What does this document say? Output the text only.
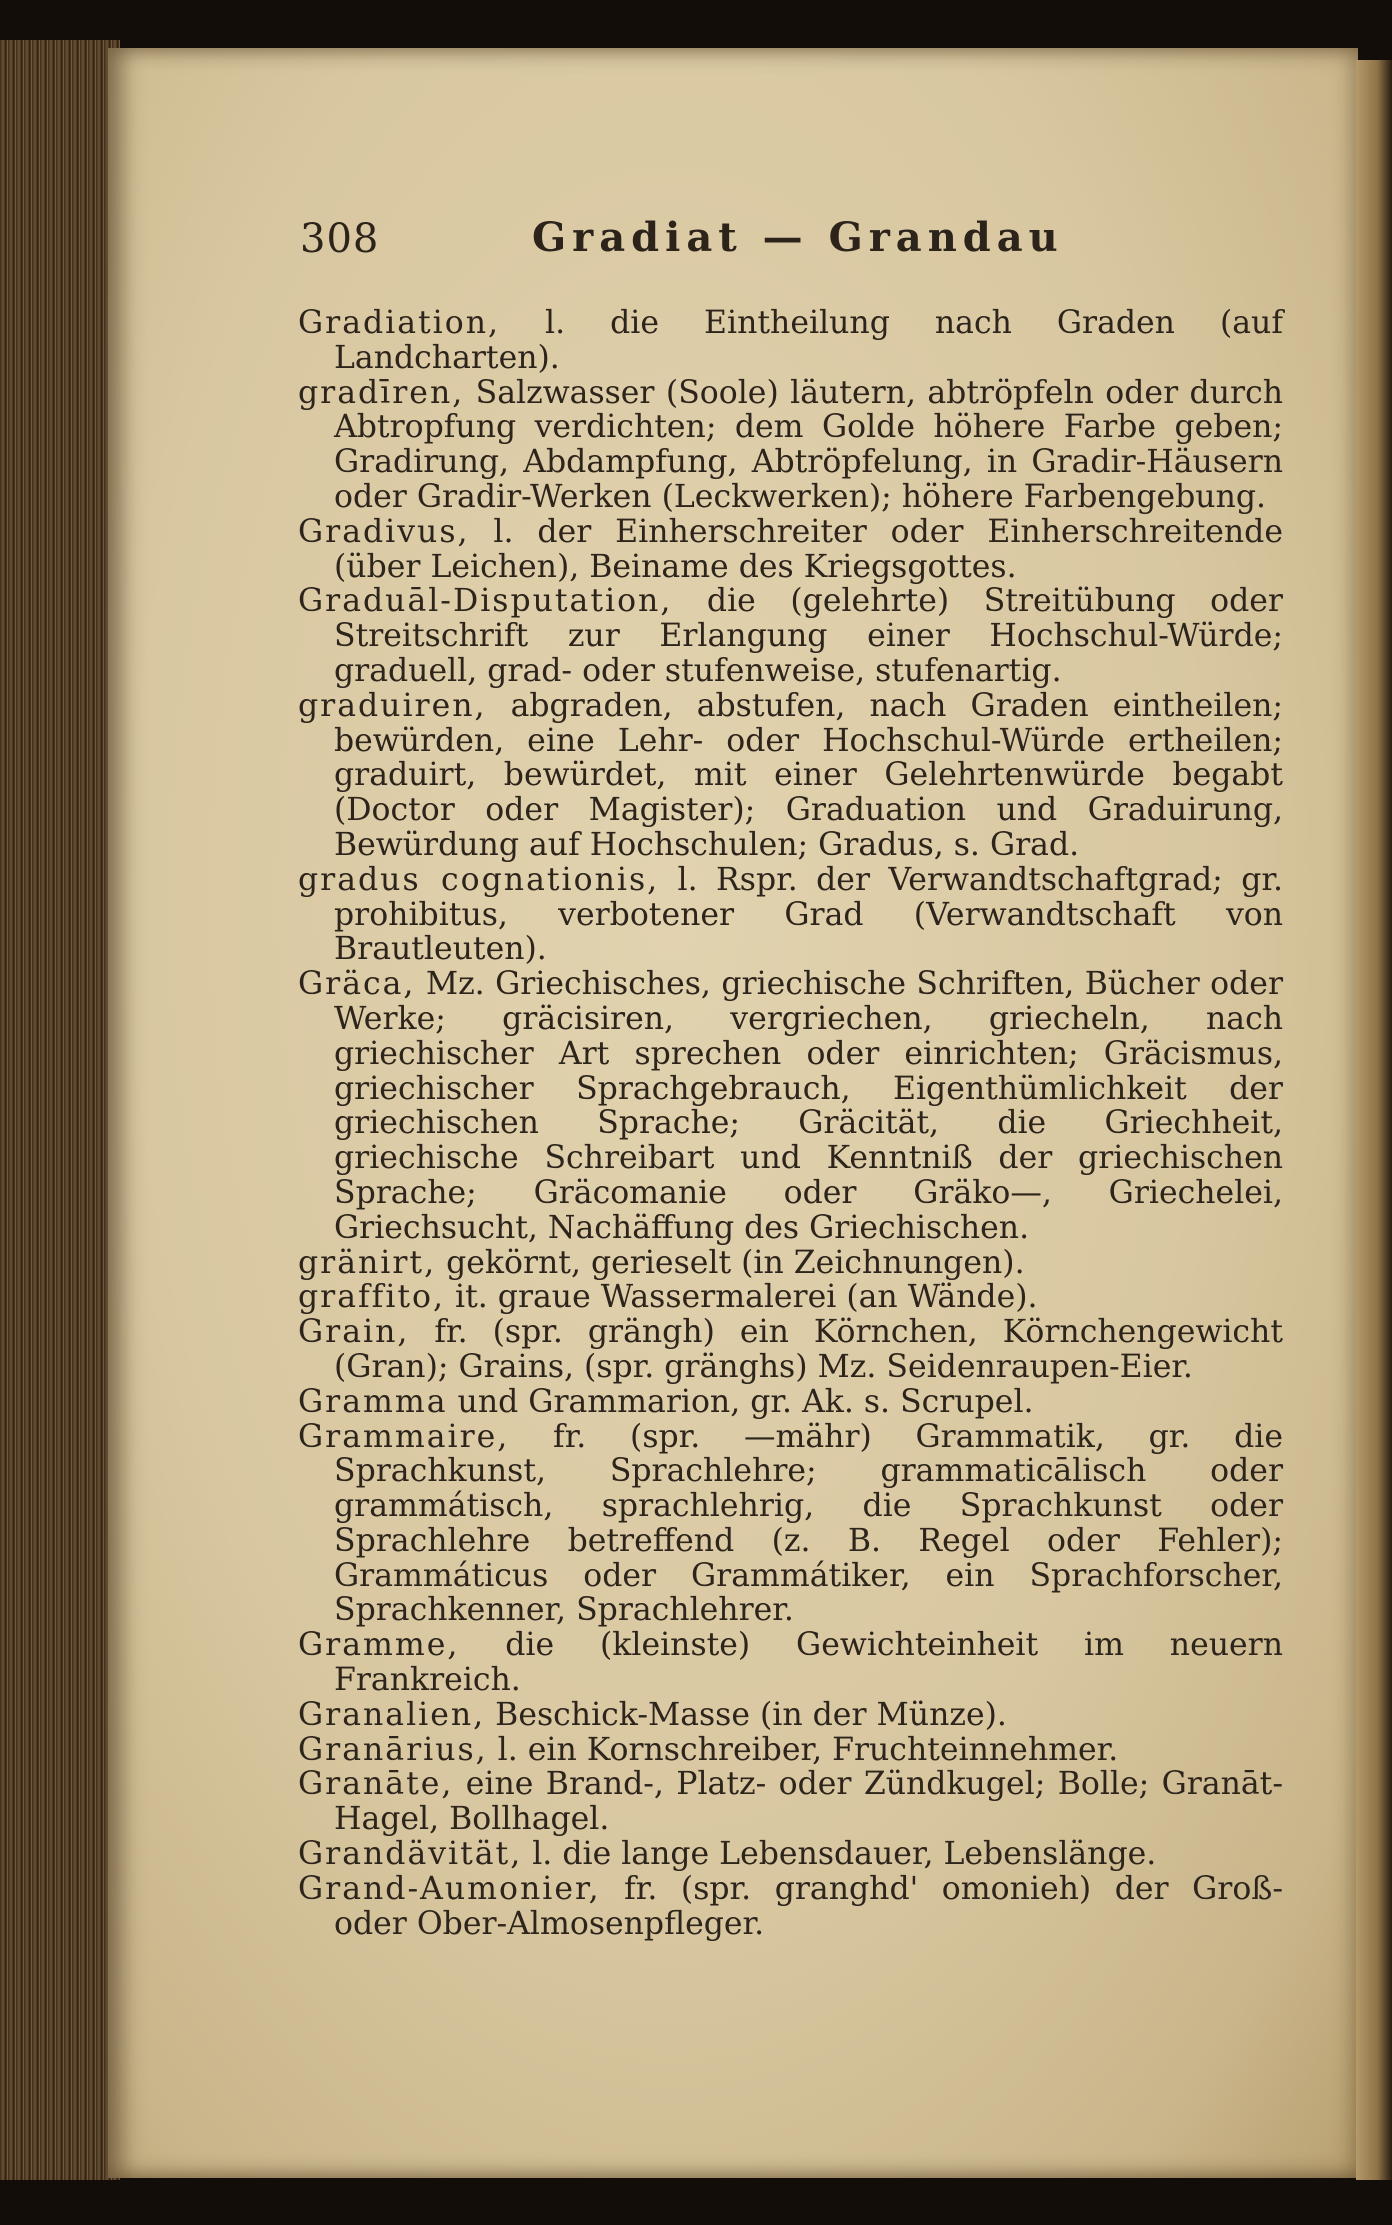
308	Gradiat — Grandau

Gradiation, l. die Eintheilung nach Graden (auf Landcharten).

gradīren, Salzwasser (Soole) läutern, abtröpfeln oder durch Abtropfung verdichten; dem Golde höhere Farbe geben; Gradirung, Abdampfung, Abtröpfelung, in Gradir-Häusern oder Gradir-Werken (Leckwerken); höhere Farbengebung.

Gradivus, l. der Einherschreiter oder Einherschreitende (über Leichen), Beiname des Kriegsgottes.

Graduāl-Disputation, die (gelehrte) Streitübung oder Streitschrift zur Erlangung einer Hochschul-Würde; graduell, grad- oder stufenweise, stufenartig.

graduiren, abgraden, abstufen, nach Graden eintheilen; bewürden, eine Lehr- oder Hochschul-Würde ertheilen; graduirt, bewürdet, mit einer Gelehrtenwürde begabt (Doctor oder Magister); Graduation und Graduirung, Bewürdung auf Hochschulen; Gradus, s. Grad.

gradus cognationis, l. Rspr. der Verwandtschaftgrad; gr. prohibitus, verbotener Grad (Verwandtschaft von Brautleuten).

Gräca, Mz. Griechisches, griechische Schriften, Bücher oder Werke; gräcisiren, vergriechen, griecheln, nach griechischer Art sprechen oder einrichten; Gräcismus, griechischer Sprachgebrauch, Eigenthümlichkeit der griechischen Sprache; Gräcität, die Griechheit, griechische Schreibart und Kenntniß der griechischen Sprache; Gräcomanie oder Gräko—, Griechelei, Griechsucht, Nachäffung des Griechischen.

gränirt, gekörnt, gerieselt (in Zeichnungen).

graffito, it. graue Wassermalerei (an Wände).

Grain, fr. (spr. grängh) ein Körnchen, Körnchengewicht (Gran); Grains, (spr. gränghs) Mz. Seidenraupen-Eier.

Gramma und Grammarion, gr. Ak. s. Scrupel.

Grammaire, fr. (spr. —mähr) Grammatik, gr. die Sprachkunst, Sprachlehre; grammaticālisch oder grammátisch, sprachlehrig, die Sprachkunst oder Sprachlehre betreffend (z. B. Regel oder Fehler); Grammáticus oder Grammátiker, ein Sprachforscher, Sprachkenner, Sprachlehrer.

Gramme, die (kleinste) Gewichteinheit im neuern Frankreich.

Granalien, Beschick-Masse (in der Münze).

Granārius, l. ein Kornschreiber, Fruchteinnehmer.

Granāte, eine Brand-, Platz- oder Zündkugel; Bolle; Granāt-Hagel, Bollhagel.

Grandävität, l. die lange Lebensdauer, Lebenslänge.

Grand-Aumonier, fr. (spr. granghd' omonieh) der Groß- oder Ober-Almosenpfleger.
